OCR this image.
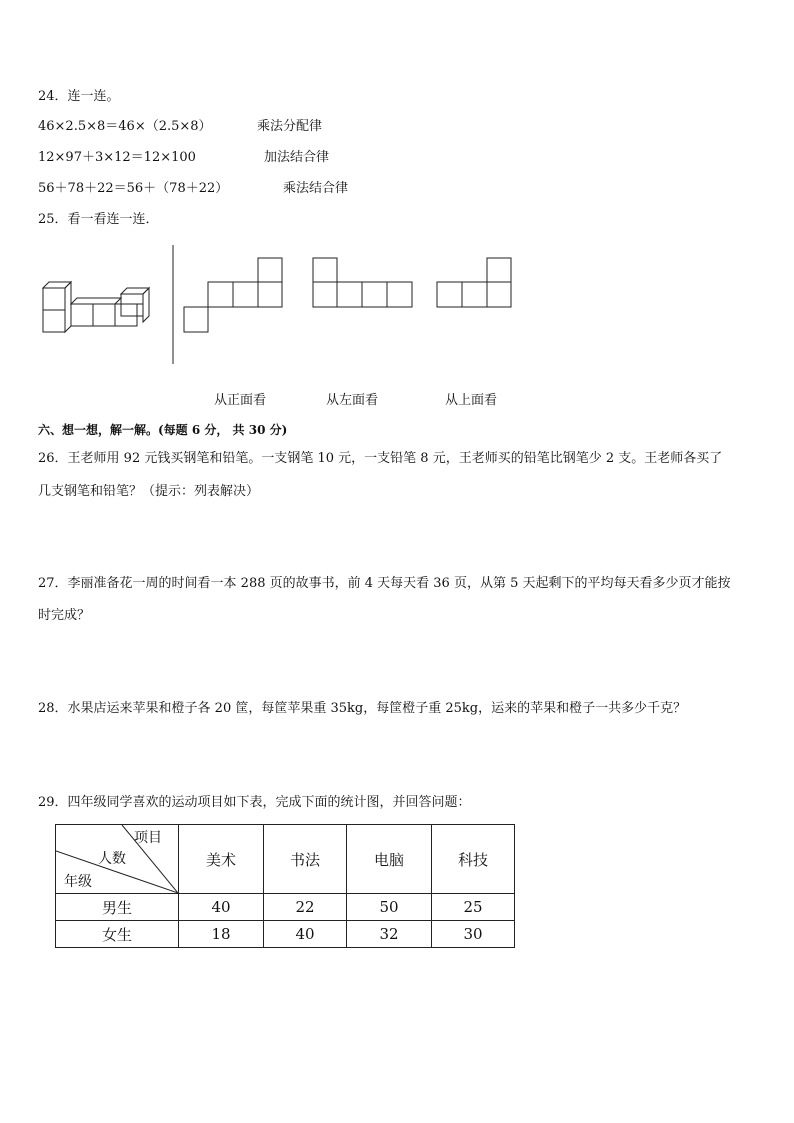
24．连一连。
46×2.5×8＝46×（2.5×8）	乘法分配律
12×97＋3×12＝12×100	加法结合律
56＋78＋22＝56＋（78＋22）	乘法结合律
25．看一看连一连．
从正面看	从左面看	从上面看
六、想一想，解一解。(每题 6 分， 共 30 分)
26．王老师用 92 元钱买钢笔和铅笔。一支钢笔 10 元，一支铅笔 8 元，王老师买的铅笔比钢笔少 2 支。王老师各买了
几支钢笔和铅笔？（提示：列表解决）
27．李丽准备花一周的时间看一本 288 页的故事书，前 4 天每天看 36 页，从第 5 天起剩下的平均每天看多少页才能按
时完成？
28．水果店运来苹果和橙子各 20 筐，每筐苹果重 35kg，每筐橙子重 25kg，运来的苹果和橙子一共多少千克？
29．四年级同学喜欢的运动项目如下表，完成下面的统计图，并回答问题：
项目
人数
年级	美术	书法	电脑	科技
男生	40	22	50	25
女生	18	40	32	30
